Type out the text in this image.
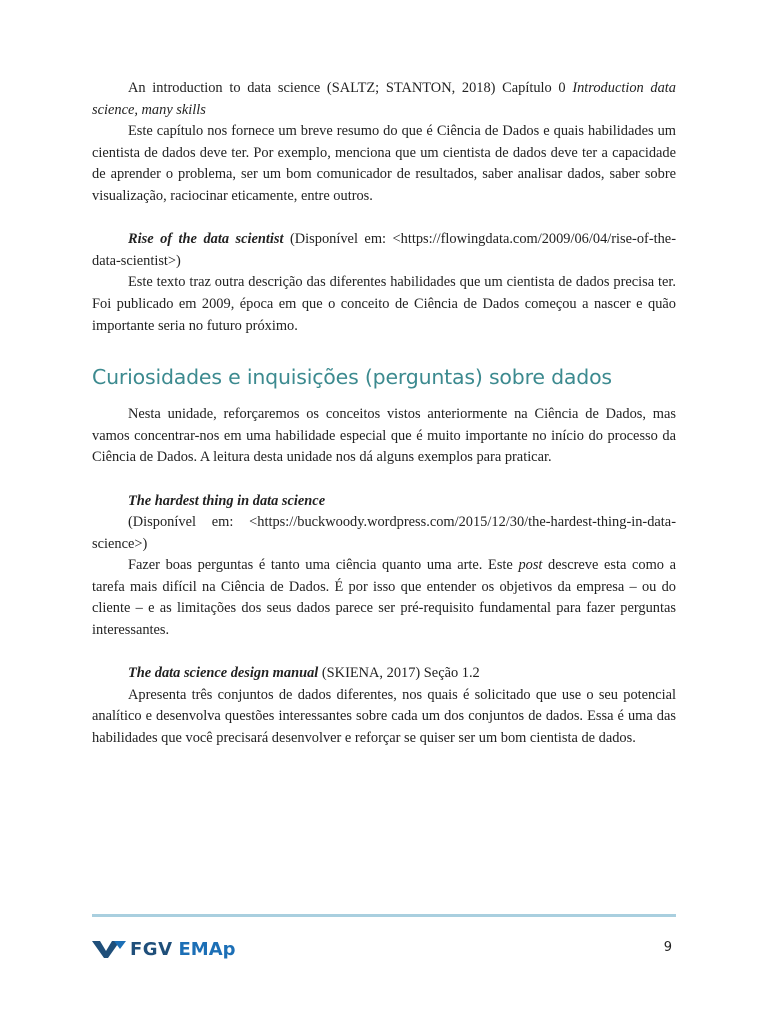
An introduction to data science (SALTZ; STANTON, 2018) Capítulo 0 Introduction data science, many skills

Este capítulo nos fornece um breve resumo do que é Ciência de Dados e quais habilidades um cientista de dados deve ter. Por exemplo, menciona que um cientista de dados deve ter a capacidade de aprender o problema, ser um bom comunicador de resultados, saber analisar dados, saber sobre visualização, raciocinar eticamente, entre outros.

Rise of the data scientist (Disponível em: <https://flowingdata.com/2009/06/04/rise-of-the-data-scientist>)

Este texto traz outra descrição das diferentes habilidades que um cientista de dados precisa ter. Foi publicado em 2009, época em que o conceito de Ciência de Dados começou a nascer e quão importante seria no futuro próximo.

Curiosidades e inquisições (perguntas) sobre dados

Nesta unidade, reforçaremos os conceitos vistos anteriormente na Ciência de Dados, mas vamos concentrar-nos em uma habilidade especial que é muito importante no início do processo da Ciência de Dados. A leitura desta unidade nos dá alguns exemplos para praticar.

The hardest thing in data science

(Disponível em: <https://buckwoody.wordpress.com/2015/12/30/the-hardest-thing-in-data-science>)

Fazer boas perguntas é tanto uma ciência quanto uma arte. Este post descreve esta como a tarefa mais difícil na Ciência de Dados. É por isso que entender os objetivos da empresa – ou do cliente – e as limitações dos seus dados parece ser pré-requisito fundamental para fazer perguntas interessantes.

The data science design manual (SKIENA, 2017) Seção 1.2

Apresenta três conjuntos de dados diferentes, nos quais é solicitado que use o seu potencial analítico e desenvolva questões interessantes sobre cada um dos conjuntos de dados. Essa é uma das habilidades que você precisará desenvolver e reforçar se quiser ser um bom cientista de dados.

FGV EMAp	9
